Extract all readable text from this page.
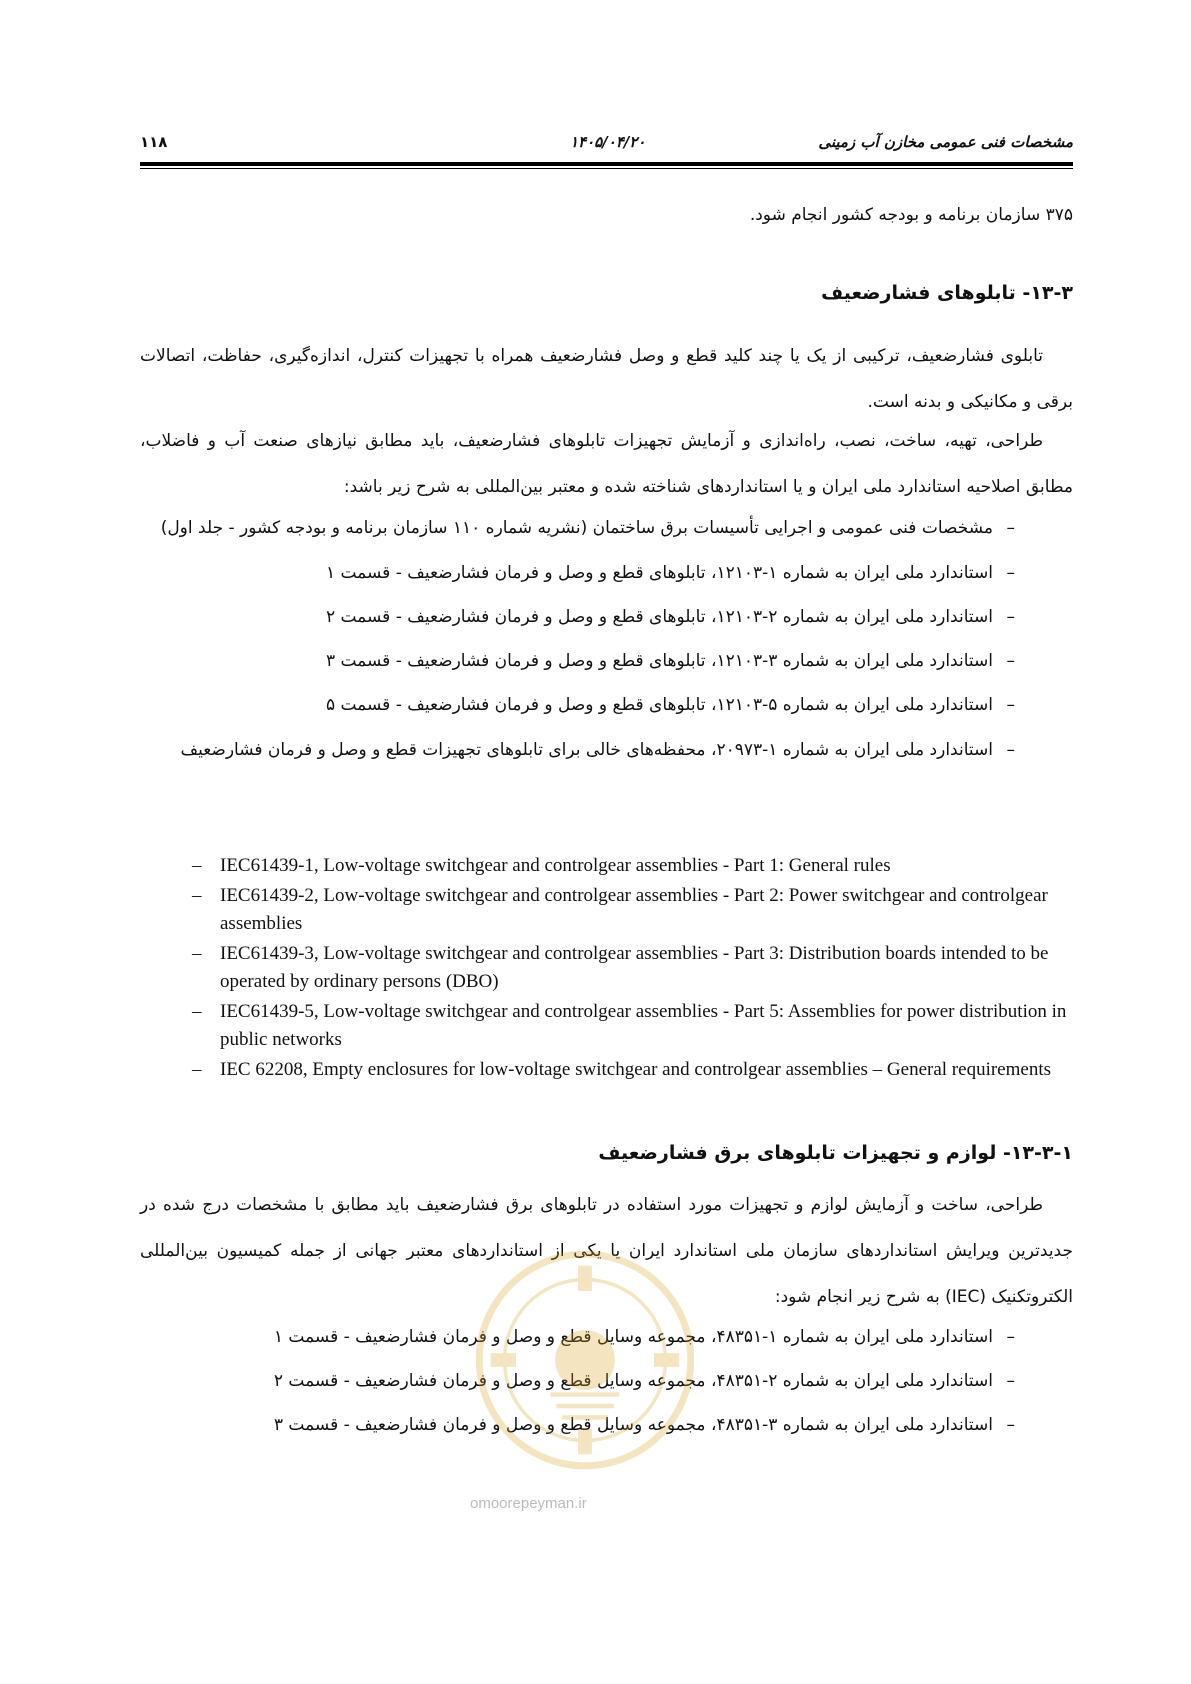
مشخصات فنی عمومی مخازن آب زمینی
۱۴۰۵/۰۴/۲۰
۱۱۸
۳۷۵ سازمان برنامه و بودجه کشور انجام شود.
۱۳-۳- تابلوهای فشارضعیف
تابلوی فشارضعیف، ترکیبی از یک یا چند کلید قطع و وصل فشارضعیف همراه با تجهیزات کنترل، اندازه‌گیری، حفاظت، اتصالات برقی و مکانیکی و بدنه است.
طراحی، تهیه، ساخت، نصب، راه‌اندازی و آزمایش تجهیزات تابلوهای فشارضعیف، باید مطابق نیازهای صنعت آب و فاضلاب، مطابق اصلاحیه استاندارد ملی ایران و یا استانداردهای شناخته شده و معتبر بین‌المللی به شرح زیر باشد:
–
مشخصات فنی عمومی و اجرایی تأسیسات برق ساختمان (نشریه شماره ۱۱۰ سازمان برنامه و بودجه کشور - جلد اول)
–
استاندارد ملی ایران به شماره ۱-۱۲۱۰۳، تابلوهای قطع و وصل و فرمان فشارضعیف - قسمت ۱
–
استاندارد ملی ایران به شماره ۲-۱۲۱۰۳، تابلوهای قطع و وصل و فرمان فشارضعیف - قسمت ۲
–
استاندارد ملی ایران به شماره ۳-۱۲۱۰۳، تابلوهای قطع و وصل و فرمان فشارضعیف - قسمت ۳
–
استاندارد ملی ایران به شماره ۵-۱۲۱۰۳، تابلوهای قطع و وصل و فرمان فشارضعیف - قسمت ۵
–
استاندارد ملی ایران به شماره ۱-۲۰۹۷۳، محفظه‌های خالی برای تابلوهای تجهیزات قطع و وصل و فرمان فشارضعیف
– IEC61439-1, Low-voltage switchgear and controlgear assemblies - Part 1: General rules
– IEC61439-2, Low-voltage switchgear and controlgear assemblies - Part 2: Power switchgear and controlgear assemblies
– IEC61439-3, Low-voltage switchgear and controlgear assemblies - Part 3: Distribution boards intended to be operated by ordinary persons (DBO)
– IEC61439-5, Low-voltage switchgear and controlgear assemblies - Part 5: Assemblies for power distribution in public networks
– IEC 62208, Empty enclosures for low-voltage switchgear and controlgear assemblies – General requirements
۱۳-۳-۱- لوازم و تجهیزات تابلوهای برق فشارضعیف
طراحی، ساخت و آزمایش لوازم و تجهیزات مورد استفاده در تابلوهای برق فشارضعیف باید مطابق با مشخصات درج شده در جدیدترین ویرایش استانداردهای سازمان ملی استاندارد ایران یا یکی از استانداردهای معتبر جهانی از جمله کمیسیون بین‌المللی الکتروتکنیک (IEC) به شرح زیر انجام شود:
–
استاندارد ملی ایران به شماره ۱-۴۸۳۵۱، مجموعه وسایل قطع و وصل و فرمان فشارضعیف - قسمت ۱
–
استاندارد ملی ایران به شماره ۲-۴۸۳۵۱، مجموعه وسایل قطع و وصل و فرمان فشارضعیف - قسمت ۲
–
استاندارد ملی ایران به شماره ۳-۴۸۳۵۱، مجموعه وسایل قطع و وصل و فرمان فشارضعیف - قسمت ۳
omoorepeyman.ir
